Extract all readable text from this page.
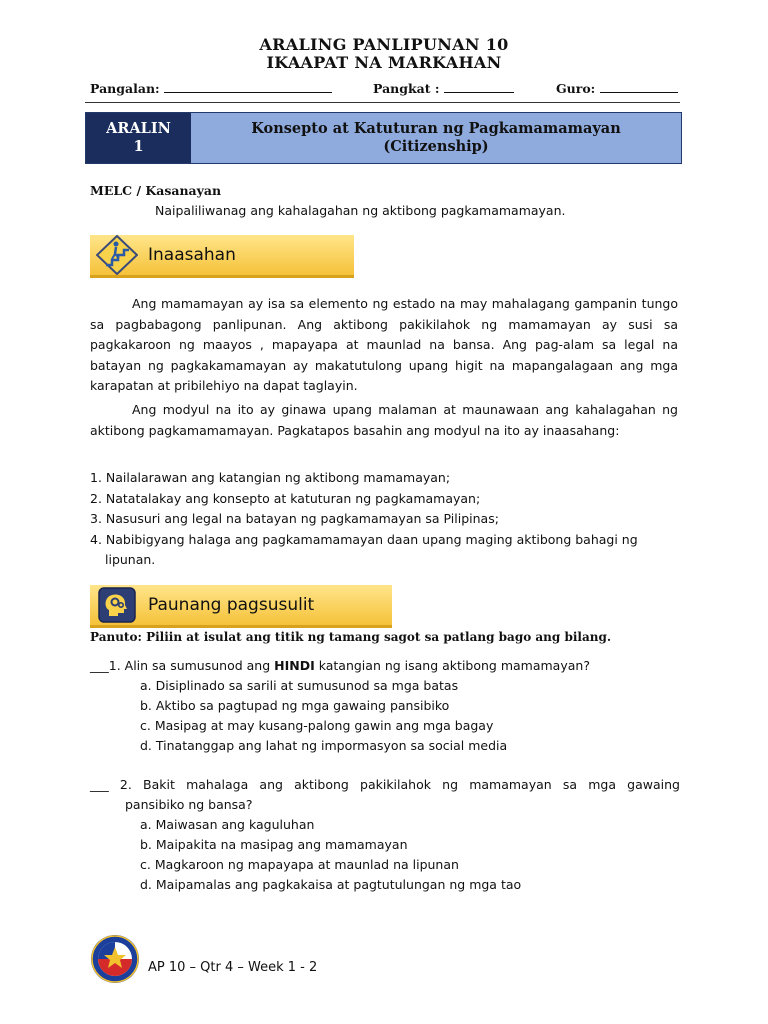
ARALING PANLIPUNAN 10
IKAAPAT NA MARKAHAN
Pangalan:	Pangkat :	Guro:
ARALIN
1
Konsepto at Katuturan ng Pagkamamamayan
(Citizenship)
MELC / Kasanayan
Naipaliliwanag ang kahalagahan ng aktibong pagkamamamayan.
Inaasahan

Ang mamamayan ay isa sa elemento ng estado na may mahalagang gampanin tungo sa pagbabagong panlipunan. Ang aktibong pakikilahok ng mamamayan ay susi sa pagkakaroon ng maayos , mapayapa at maunlad na bansa. Ang pag-alam sa legal na batayan ng pagkakamamayan ay makatutulong upang higit na mapangalagaan ang mga karapatan at pribilehiyo na dapat taglayin.

Ang modyul na ito ay ginawa upang malaman at maunawaan ang kahalagahan ng aktibong pagkamamamayan. Pagkatapos basahin ang modyul na ito ay inaasahang:

1. Nailalarawan ang katangian ng aktibong mamamayan;
2. Natatalakay ang konsepto at katuturan ng pagkamamayan;
3. Nasusuri ang legal na batayan ng pagkamamayan sa Pilipinas;
4. Nabibigyang halaga ang pagkamamamayan daan upang maging aktibong bahagi ng lipunan.
Paunang pagsusulit
Panuto: Piliin at isulat ang titik ng tamang sagot sa patlang bago ang bilang.
___1. Alin sa sumusunod ang HINDI katangian ng isang aktibong mamamayan?
a. Disiplinado sa sarili at sumusunod sa mga batas
b. Aktibo sa pagtupad ng mga gawaing pansibiko
c. Masipag at may kusang-palong gawin ang mga bagay
d. Tinatanggap ang lahat ng impormasyon sa social media
___ 2. Bakit mahalaga ang aktibong pakikilahok ng mamamayan sa mga gawaing
pansibiko ng bansa?
a. Maiwasan ang kaguluhan
b. Maipakita na masipag ang mamamayan
c. Magkaroon ng mapayapa at maunlad na lipunan
d. Maipamalas ang pagkakaisa at pagtutulungan ng mga tao
AP 10 – Qtr 4 – Week 1 - 2
